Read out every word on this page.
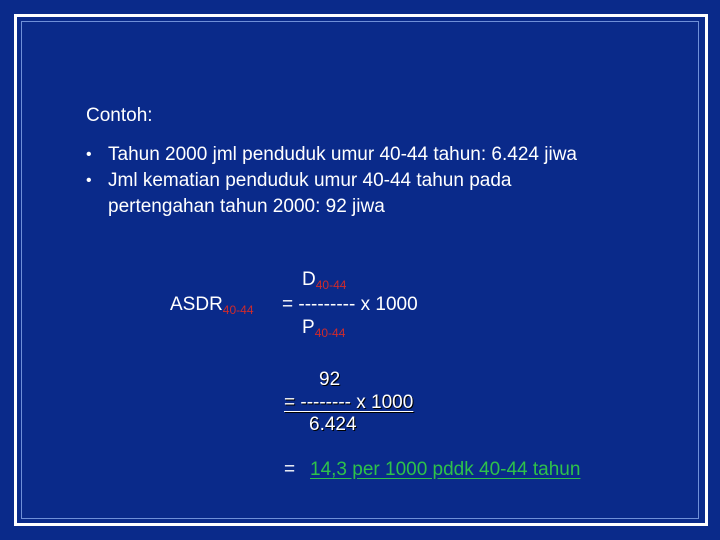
Contoh:
• Tahun 2000 jml penduduk umur 40-44 tahun: 6.424 jiwa
• Jml kematian penduduk umur 40-44 tahun pada
pertengahan tahun 2000: 92 jiwa
$D_{40-44}$
$ASDR_{40-44}$ = --------- x 1000
$P_{40-44}$
92
= -------- x 1000
6.424
= 14,3 per 1000 pddk 40-44 tahun
